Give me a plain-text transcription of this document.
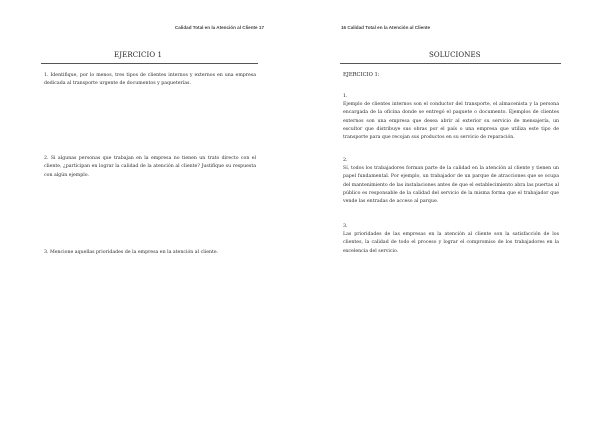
Calidad Total en la Atención al Cliente 17
EJERCICIO 1
1. Identifique, por lo menos, tres tipos de clientes internos y externos en una empresa dedicada al transporte urgente de documentos y paqueterías.
2. Si algunas personas que trabajan en la empresa no tienen un trato directo con el cliente, ¿participan en lograr la calidad de la atención al cliente? Justifique su respuesta con algún ejemplo.
3. Mencione aquellas prioridades de la empresa en la atención al cliente.
16 Calidad Total en la Atención al Cliente
SOLUCIONES
EJERCICIO 1:
1.
Ejemplo de clientes internos son el conductor del transporte, el almacenista y la persona encargada de la oficina donde se entregó el paquete o documento. Ejemplos de clientes externos son una empresa que desea abrir al exterior su servicio de mensajería, un escultor que distribuye sus obras por el país o una empresa que utiliza este tipo de transporte para que recojan sus productos en su servicio de reparación.
2.
Sí, todos los trabajadores forman parte de la calidad en la atención al cliente y tienen un papel fundamental. Por ejemplo, un trabajador de un parque de atracciones que se ocupa del mantenimiento de las instalaciones antes de que el establecimiento abra las puertas al público es responsable de la calidad del servicio de la misma forma que el trabajador que vende las entradas de acceso al parque.
3.
Las prioridades de las empresas en la atención al cliente son la satisfacción de los clientes, la calidad de todo el proceso y lograr el compromiso de los trabajadores en la excelencia del servicio.
